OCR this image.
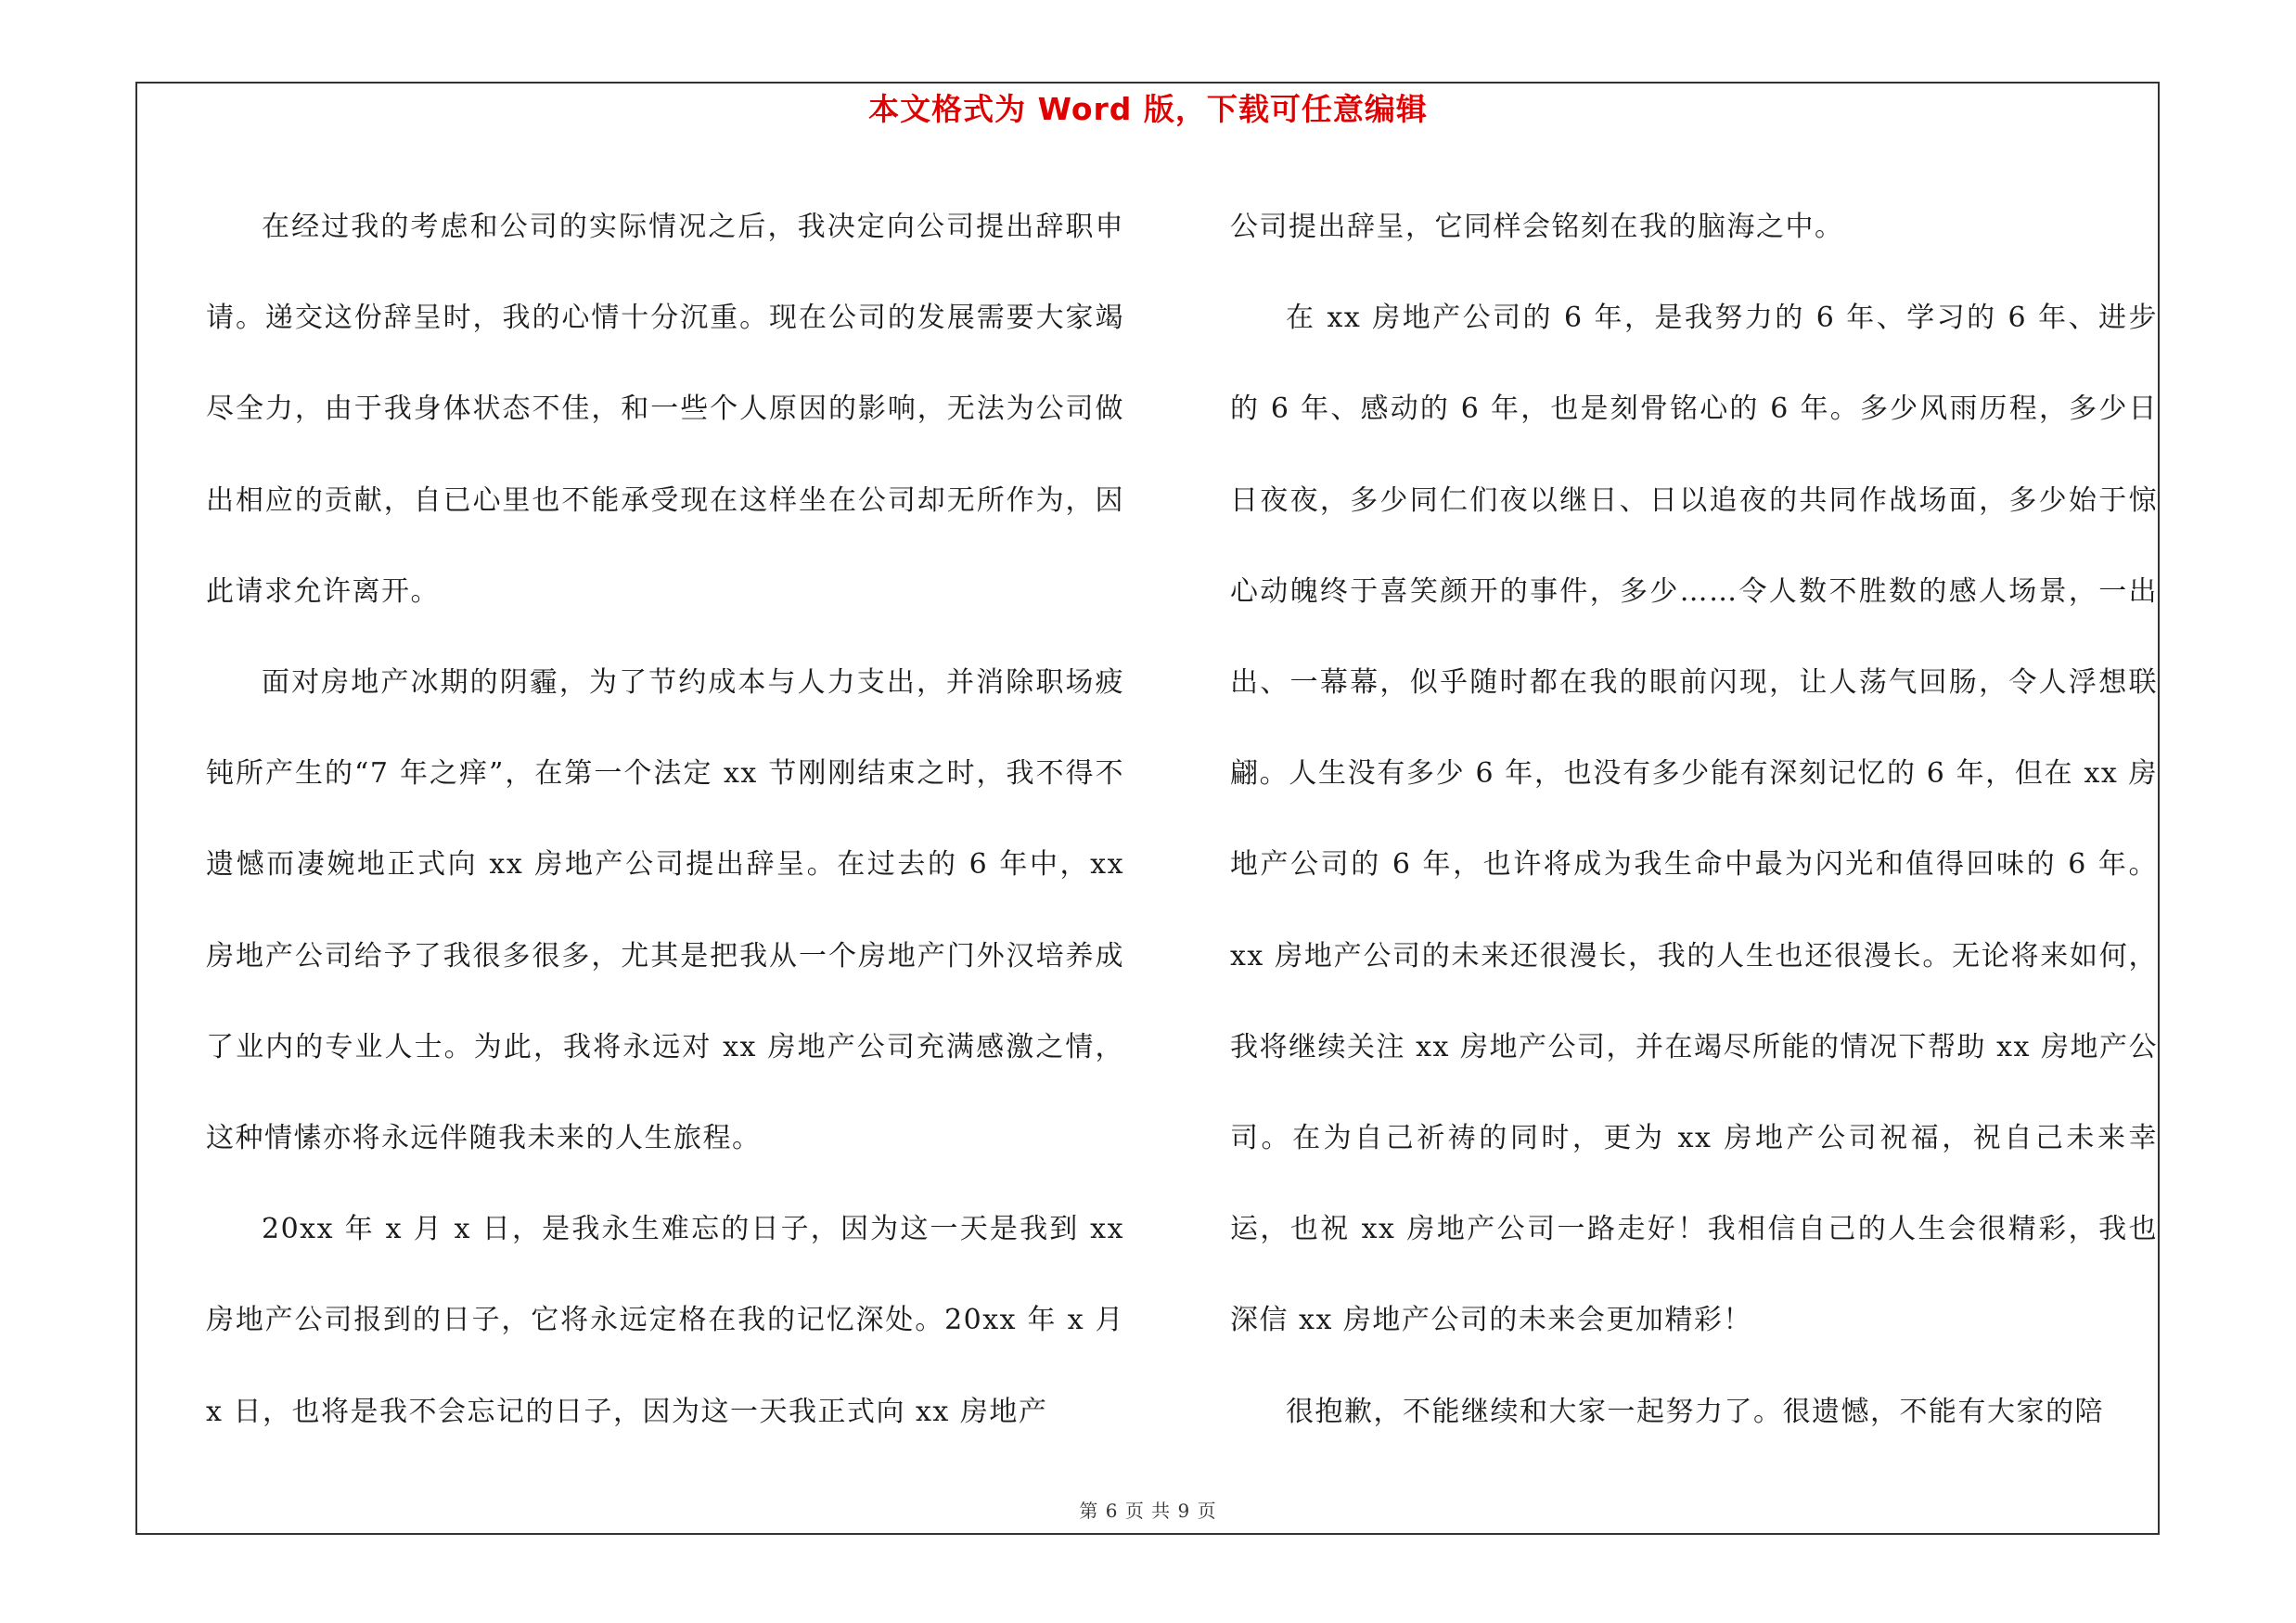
本文格式为 Word 版，下载可任意编辑

在经过我的考虑和公司的实际情况之后，我决定向公司提出辞职申请。递交这份辞呈时，我的心情十分沉重。现在公司的发展需要大家竭尽全力，由于我身体状态不佳，和一些个人原因的影响，无法为公司做出相应的贡献，自已心里也不能承受现在这样坐在公司却无所作为，因此请求允许离开。

面对房地产冰期的阴霾，为了节约成本与人力支出，并消除职场疲钝所产生的“7 年之痒”，在第一个法定 xx 节刚刚结束之时，我不得不遗憾而凄婉地正式向 xx 房地产公司提出辞呈。在过去的 6 年中，xx 房地产公司给予了我很多很多，尤其是把我从一个房地产门外汉培养成了业内的专业人士。为此，我将永远对 xx 房地产公司充满感激之情，这种情愫亦将永远伴随我未来的人生旅程。

20xx 年 x 月 x 日，是我永生难忘的日子，因为这一天是我到 xx 房地产公司报到的日子，它将永远定格在我的记忆深处。20xx 年 x 月 x 日，也将是我不会忘记的日子，因为这一天我正式向 xx 房地产

公司提出辞呈，它同样会铭刻在我的脑海之中。

在 xx 房地产公司的 6 年，是我努力的 6 年、学习的 6 年、进步的 6 年、感动的 6 年，也是刻骨铭心的 6 年。多少风雨历程，多少日日夜夜，多少同仁们夜以继日、日以追夜的共同作战场面，多少始于惊心动魄终于喜笑颜开的事件，多少……令人数不胜数的感人场景，一出出、一幕幕，似乎随时都在我的眼前闪现，让人荡气回肠，令人浮想联翩。人生没有多少 6 年，也没有多少能有深刻记忆的 6 年，但在 xx 房地产公司的 6 年，也许将成为我生命中最为闪光和值得回味的 6 年。xx 房地产公司的未来还很漫长，我的人生也还很漫长。无论将来如何，我将继续关注 xx 房地产公司，并在竭尽所能的情况下帮助 xx 房地产公司。在为自己祈祷的同时，更为 xx 房地产公司祝福，祝自己未来幸运，也祝 xx 房地产公司一路走好！我相信自己的人生会很精彩，我也深信 xx 房地产公司的未来会更加精彩！

很抱歉，不能继续和大家一起努力了。很遗憾，不能有大家的陪

第 6 页 共 9 页
